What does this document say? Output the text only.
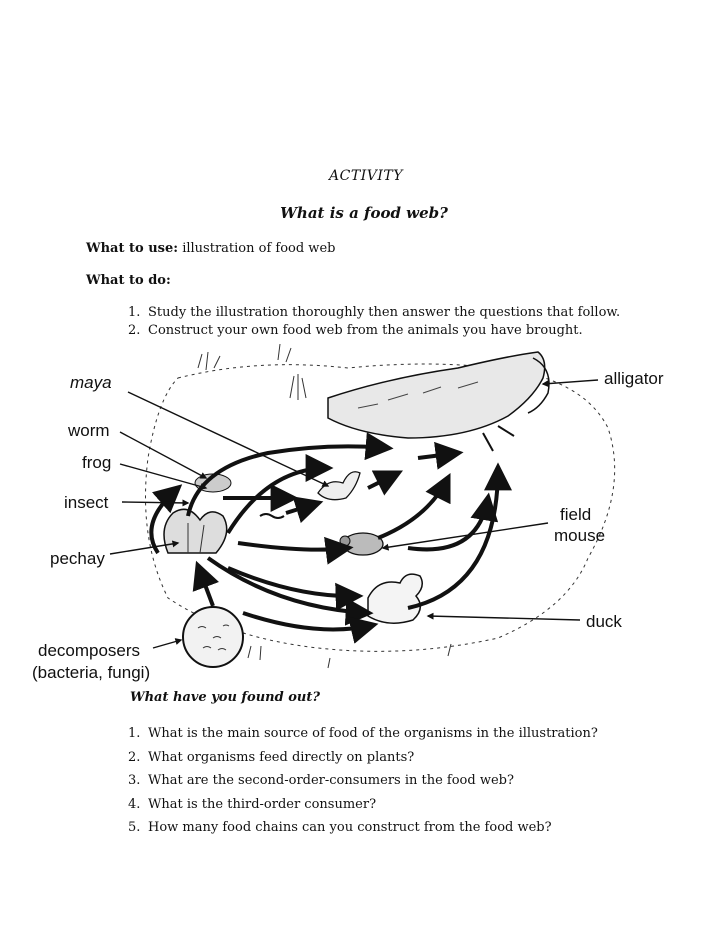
ACTIVITY
What is a food web?
What to use: illustration of food web
What to do:
1. Study the illustration thoroughly then answer the questions that follow.
2. Construct your own food web from the animals you have brought.
maya
worm
frog
insect
pechay
decomposers
(bacteria, fungi)
alligator
field
mouse
duck
What have you found out?
1. What is the main source of food of the organisms in the illustration?
2. What organisms feed directly on plants?
3. What are the second-order-consumers in the food web?
4. What is the third-order consumer?
5. How many food chains can you construct from the food web?
